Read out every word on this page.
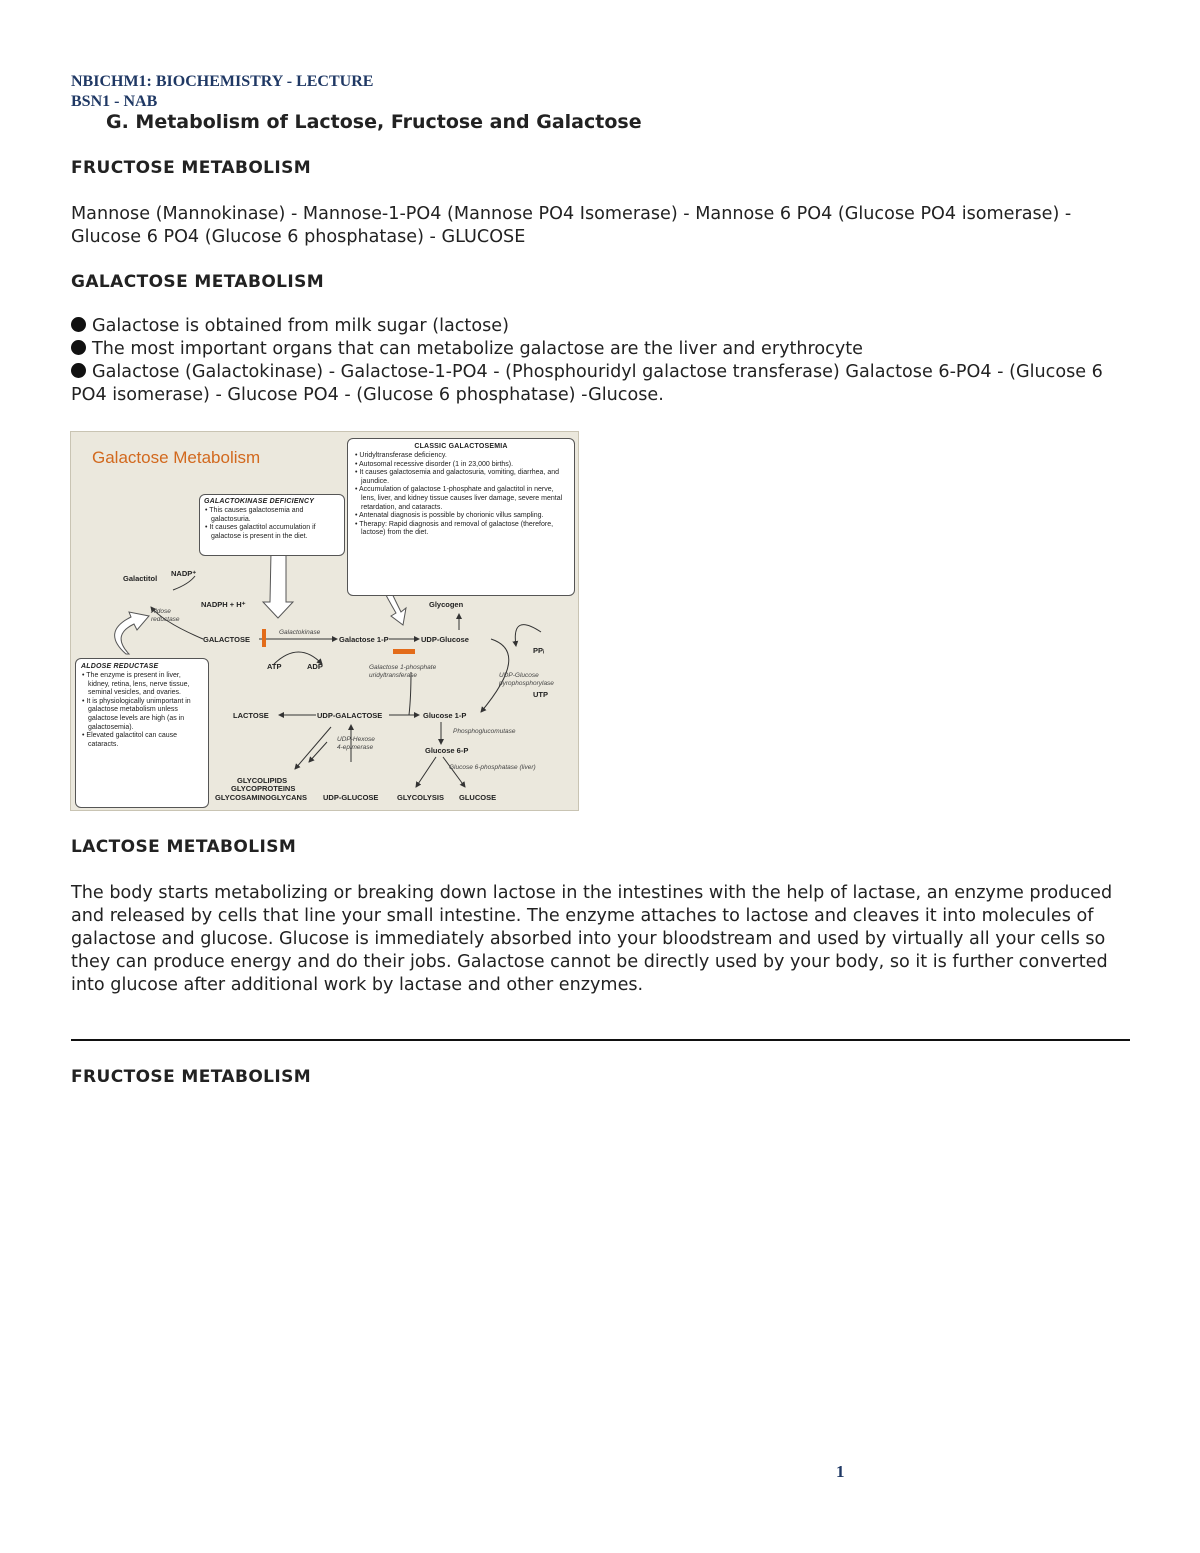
NBICHM1: BIOCHEMISTRY - LECTURE
BSN1 - NAB
G. Metabolism of Lactose, Fructose and Galactose
FRUCTOSE METABOLISM
Mannose (Mannokinase) - Mannose-1-PO4 (Mannose PO4 Isomerase) - Mannose 6 PO4 (Glucose PO4 isomerase) - Glucose 6 PO4 (Glucose 6 phosphatase) - GLUCOSE
GALACTOSE METABOLISM
Galactose is obtained from milk sugar (lactose)
The most important organs that can metabolize galactose are the liver and erythrocyte
Galactose (Galactokinase) - Galactose-1-PO4 - (Phosphouridyl galactose transferase) Galactose 6-PO4 - (Glucose 6 PO4 isomerase) - Glucose PO4 - (Glucose 6 phosphatase) -Glucose.
Galactose Metabolism
GALACTOKINASE DEFICIENCY
• This causes galactosemia and galactosuria.
• It causes galactitol accumulation if galactose is present in the diet.
CLASSIC GALACTOSEMIA
• Uridyltransferase deficiency.
• Autosomal recessive disorder (1 in 23,000 births).
• It causes galactosemia and galactosuria, vomiting, diarrhea, and jaundice.
• Accumulation of galactose 1-phosphate and galactitol in nerve, lens, liver, and kidney tissue causes liver damage, severe mental retardation, and cataracts.
• Antenatal diagnosis is possible by chorionic villus sampling.
• Therapy: Rapid diagnosis and removal of galactose (therefore, lactose) from the diet.
ALDOSE REDUCTASE
• The enzyme is present in liver, kidney, retina, lens, nerve tissue, seminal vesicles, and ovaries.
• It is physiologically unimportant in galactose metabolism unless galactose levels are high (as in galactosemia).
• Elevated galactitol can cause cataracts.
Galactitol
NADP⁺
NADPH + H⁺
Aldose
reductase
GALACTOSE
Galactokinase
Galactose 1-P
ATP	ADP
Glycogen
UDP-Glucose
PPᵢ
UTP
Galactose 1-phosphate
uridyltransferase	UDP-Glucose
pyrophosphorylase
LACTOSE	UDP-GALACTOSE	Glucose 1-P
Phosphoglucomutase
Glucose 6-P
UDP-Hexose
4-epimerase
Glucose 6-phosphatase (liver)
GLYCOLIPIDS
GLYCOPROTEINS
GLYCOSAMINOGLYCANS UDP-GLUCOSE GLYCOLYSIS GLUCOSE
LACTOSE METABOLISM
The body starts metabolizing or breaking down lactose in the intestines with the help of lactase, an enzyme produced and released by cells that line your small intestine. The enzyme attaches to lactose and cleaves it into molecules of galactose and glucose. Glucose is immediately absorbed into your bloodstream and used by virtually all your cells so they can produce energy and do their jobs. Galactose cannot be directly used by your body, so it is further converted into glucose after additional work by lactase and other enzymes.
FRUCTOSE METABOLISM
1
